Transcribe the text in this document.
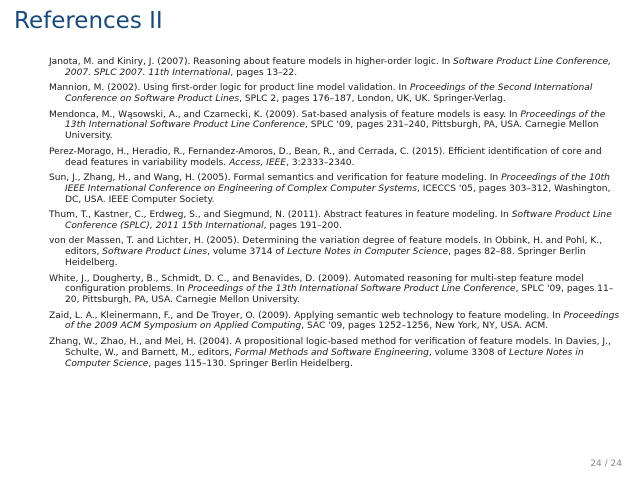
References II

Janota, M. and Kiniry, J. (2007). Reasoning about feature models in higher-order logic. In Software Product Line Conference, 2007. SPLC 2007. 11th International, pages 13–22.

Mannion, M. (2002). Using first-order logic for product line model validation. In Proceedings of the Second International Conference on Software Product Lines, SPLC 2, pages 176–187, London, UK, UK. Springer-Verlag.

Mendonca, M., Wąsowski, A., and Czarnecki, K. (2009). Sat-based analysis of feature models is easy. In Proceedings of the 13th International Software Product Line Conference, SPLC '09, pages 231–240, Pittsburgh, PA, USA. Carnegie Mellon University.

Perez-Morago, H., Heradio, R., Fernandez-Amoros, D., Bean, R., and Cerrada, C. (2015). Efficient identification of core and dead features in variability models. Access, IEEE, 3:2333–2340.

Sun, J., Zhang, H., and Wang, H. (2005). Formal semantics and verification for feature modeling. In Proceedings of the 10th IEEE International Conference on Engineering of Complex Computer Systems, ICECCS '05, pages 303–312, Washington, DC, USA. IEEE Computer Society.

Thum, T., Kastner, C., Erdweg, S., and Siegmund, N. (2011). Abstract features in feature modeling. In Software Product Line Conference (SPLC), 2011 15th International, pages 191–200.

von der Massen, T. and Lichter, H. (2005). Determining the variation degree of feature models. In Obbink, H. and Pohl, K., editors, Software Product Lines, volume 3714 of Lecture Notes in Computer Science, pages 82–88. Springer Berlin Heidelberg.

White, J., Dougherty, B., Schmidt, D. C., and Benavides, D. (2009). Automated reasoning for multi-step feature model configuration problems. In Proceedings of the 13th International Software Product Line Conference, SPLC '09, pages 11–20, Pittsburgh, PA, USA. Carnegie Mellon University.

Zaid, L. A., Kleinermann, F., and De Troyer, O. (2009). Applying semantic web technology to feature modeling. In Proceedings of the 2009 ACM Symposium on Applied Computing, SAC '09, pages 1252–1256, New York, NY, USA. ACM.

Zhang, W., Zhao, H., and Mei, H. (2004). A propositional logic-based method for verification of feature models. In Davies, J., Schulte, W., and Barnett, M., editors, Formal Methods and Software Engineering, volume 3308 of Lecture Notes in Computer Science, pages 115–130. Springer Berlin Heidelberg.

24 / 24
